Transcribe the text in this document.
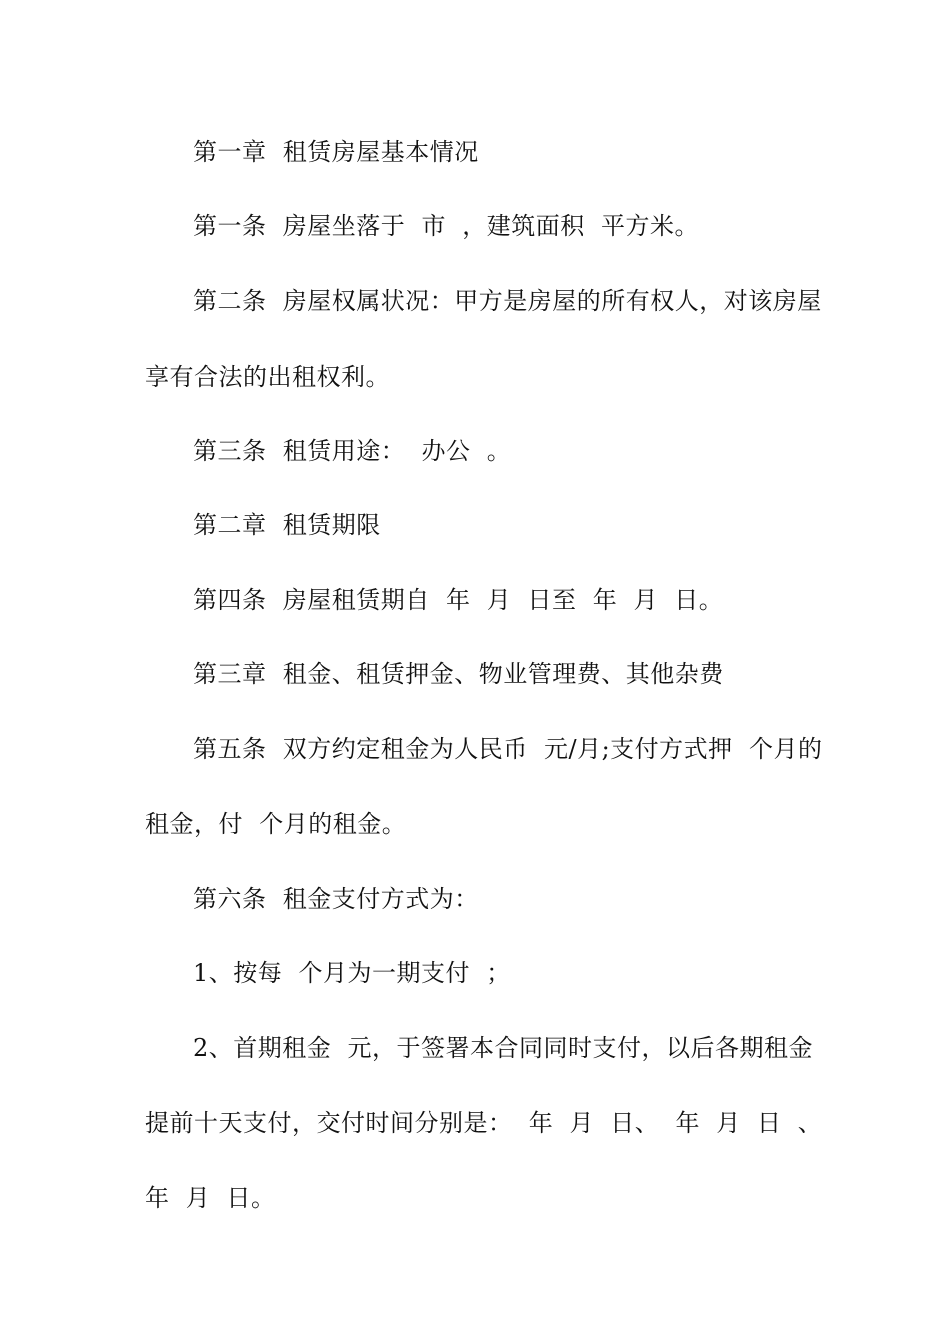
第一章  租赁房屋基本情况

第一条  房屋坐落于  市  ，建筑面积  平方米。

第二条  房屋权属状况：甲方是房屋的所有权人，对该房屋

享有合法的出租权利。

第三条  租赁用途：  办公  。

第二章  租赁期限

第四条  房屋租赁期自  年  月  日至  年  月  日。

第三章  租金、租赁押金、物业管理费、其他杂费

第五条  双方约定租金为人民币  元/月;支付方式押  个月的

租金，付  个月的租金。

第六条  租金支付方式为：

1、按每  个月为一期支付  ；

2、首期租金  元，于签署本合同同时支付，以后各期租金

提前十天支付，交付时间分别是：  年  月  日、  年  月  日  、

年  月  日。
